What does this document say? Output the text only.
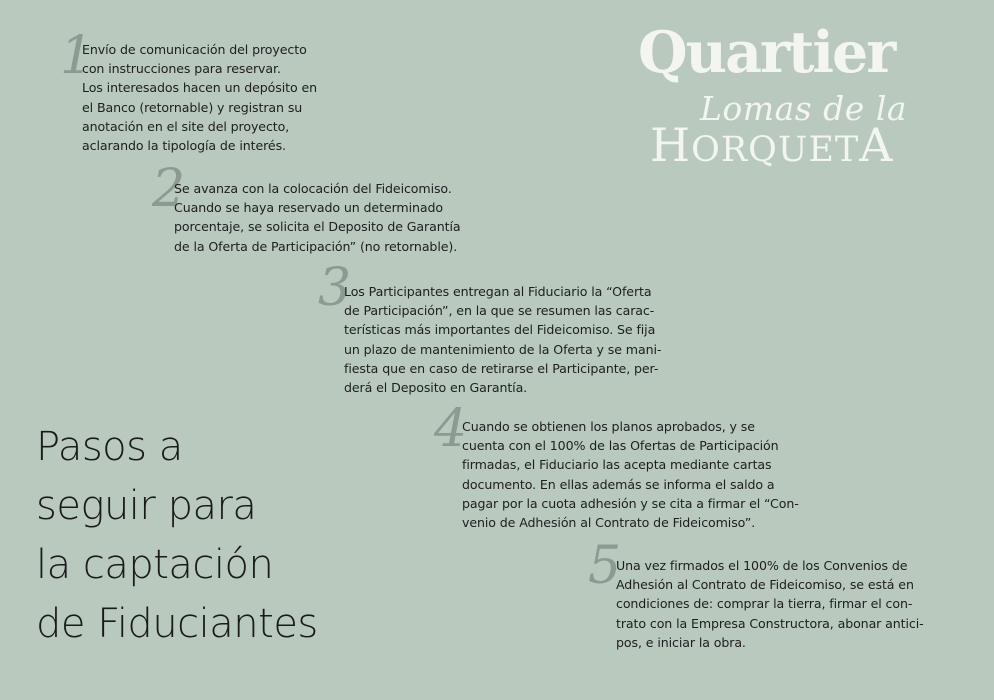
1
Envío de comunicación del proyecto
con instrucciones para reservar.
Los interesados hacen un depósito en
el Banco (retornable) y registran su
anotación en el site del proyecto,
aclarando la tipología de interés.
2
Se avanza con la colocación del Fideicomiso.
Cuando se haya reservado un determinado
porcentaje, se solicita el Deposito de Garantía
de la Oferta de Participación” (no retornable).
3
Los Participantes entregan al Fiduciario la “Oferta
de Participación”, en la que se resumen las carac-
terísticas más importantes del Fideicomiso. Se fija
un plazo de mantenimiento de la Oferta y se mani-
fiesta que en caso de retirarse el Participante, per-
derá el Deposito en Garantía.
4
Cuando se obtienen los planos aprobados, y se
cuenta con el 100% de las Ofertas de Participación
firmadas, el Fiduciario las acepta mediante cartas
documento. En ellas además se informa el saldo a
pagar por la cuota adhesión y se cita a firmar el “Con-
venio de Adhesión al Contrato de Fideicomiso”.
5
Una vez firmados el 100% de los Convenios de
Adhesión al Contrato de Fideicomiso, se está en
condiciones de: comprar la tierra, firmar el con-
trato con la Empresa Constructora, abonar antici-
pos, e iniciar la obra.
Pasos a
seguir para
la captación
de Fiduciantes
Quartier
Lomas de la
HORQUETA
